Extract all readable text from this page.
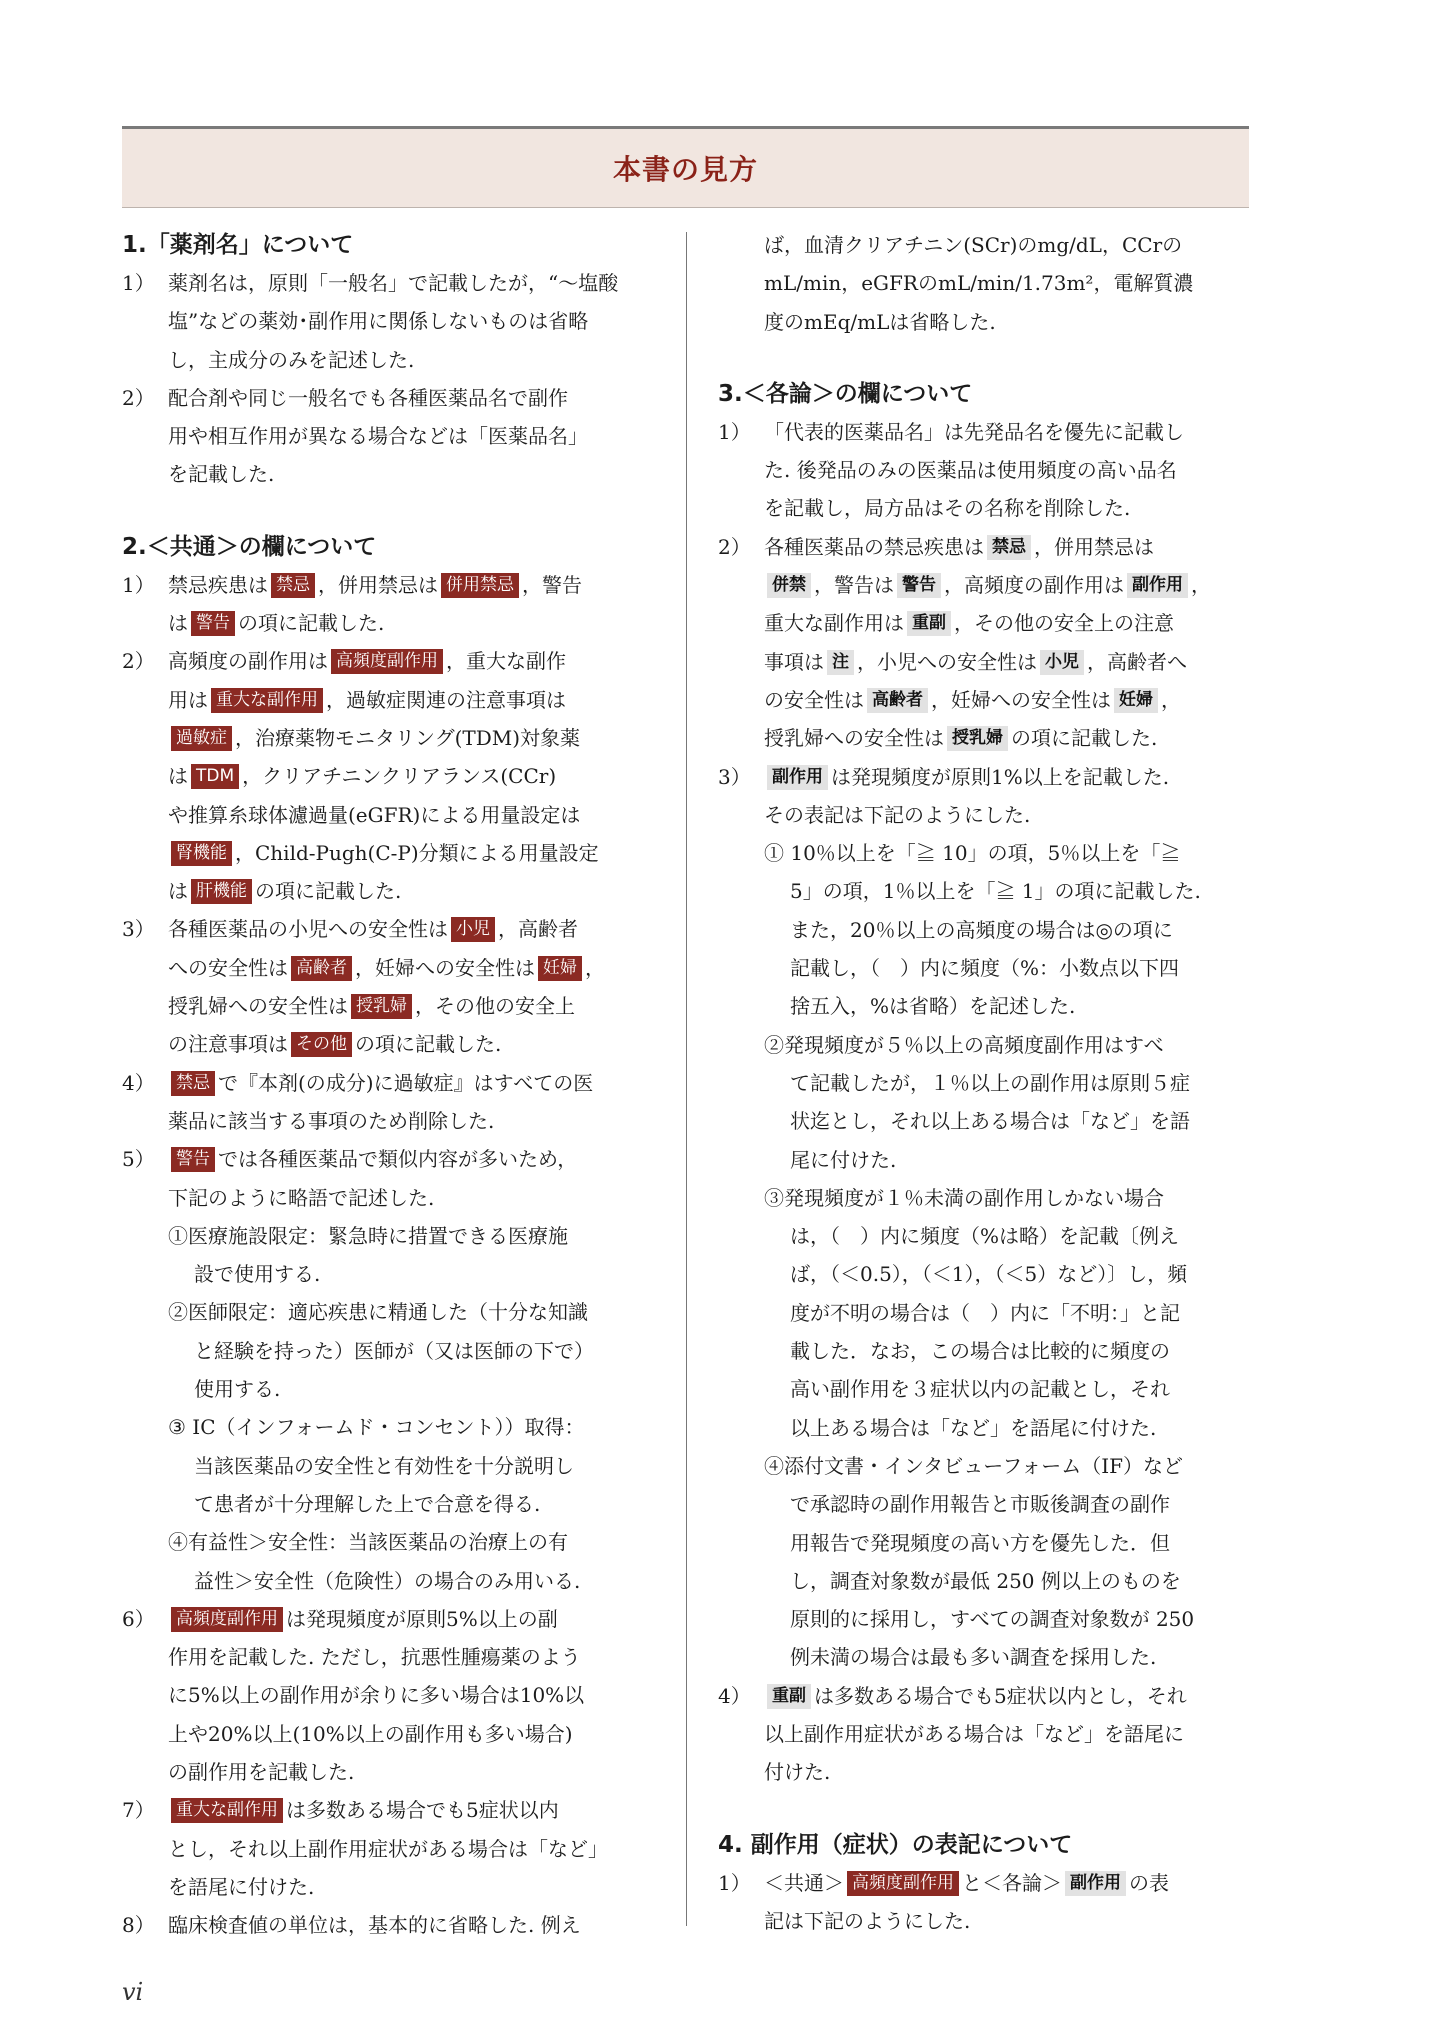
本書の見方
1.「薬剤名」について
1） 薬剤名は，原則「一般名」で記載したが，“〜塩酸
塩”などの薬効･副作用に関係しないものは省略
し，主成分のみを記述した.
2） 配合剤や同じ一般名でも各種医薬品名で副作
用や相互作用が異なる場合などは「医薬品名」
を記載した.
2.＜共通＞の欄について
1） 禁忌疾患は 禁忌 ，併用禁忌は 併用禁忌 ，警告
は 警告 の項に記載した.
2） 高頻度の副作用は 高頻度副作用 ，重大な副作
用は 重大な副作用 ，過敏症関連の注意事項は
過敏症 ，治療薬物モニタリング(TDM)対象薬
は TDM ，クリアチニンクリアランス(CCr)
や推算糸球体濾過量(eGFR)による用量設定は
腎機能 ，Child-Pugh(C-P)分類による用量設定
は 肝機能 の項に記載した.
3） 各種医薬品の小児への安全性は 小児 ，高齢者
への安全性は 高齢者 ，妊婦への安全性は 妊婦 ，
授乳婦への安全性は 授乳婦 ，その他の安全上
の注意事項は その他 の項に記載した.
4） 禁忌 で『本剤(の成分)に過敏症』はすべての医
薬品に該当する事項のため削除した.
5） 警告 では各種医薬品で類似内容が多いため，
下記のように略語で記述した.
①医療施設限定：緊急時に措置できる医療施
設で使用する.
②医師限定：適応疾患に精通した（十分な知識
と経験を持った）医師が（又は医師の下で）
使用する.
③ IC（インフォームド・コンセント））取得：
当該医薬品の安全性と有効性を十分説明し
て患者が十分理解した上で合意を得る.
④有益性＞安全性：当該医薬品の治療上の有
益性＞安全性（危険性）の場合のみ用いる.
6） 高頻度副作用 は発現頻度が原則5%以上の副
作用を記載した. ただし，抗悪性腫瘍薬のよう
に5%以上の副作用が余りに多い場合は10%以
上や20%以上(10%以上の副作用も多い場合)
の副作用を記載した.
7） 重大な副作用 は多数ある場合でも5症状以内
とし，それ以上副作用症状がある場合は「など」
を語尾に付けた.
8） 臨床検査値の単位は，基本的に省略した. 例え
ば，血清クリアチニン(SCr)のmg/dL，CCrの
mL/min，eGFRのmL/min/1.73m²，電解質濃
度のmEq/mLは省略した.
3.＜各論＞の欄について
1） 「代表的医薬品名」は先発品名を優先に記載し
た. 後発品のみの医薬品は使用頻度の高い品名
を記載し，局方品はその名称を削除した.
2） 各種医薬品の禁忌疾患は 禁忌 ，併用禁忌は
併禁 ，警告は 警告 ，高頻度の副作用は 副作用 ，
重大な副作用は 重副 ，その他の安全上の注意
事項は 注 ，小児への安全性は 小児 ，高齢者へ
の安全性は 高齢者 ，妊婦への安全性は 妊婦 ，
授乳婦への安全性は 授乳婦 の項に記載した.
3） 副作用 は発現頻度が原則1%以上を記載した.
その表記は下記のようにした.
① 10％以上を「≧ 10」の項，5％以上を「≧
5」の項，1％以上を「≧ 1」の項に記載した.
また，20％以上の高頻度の場合は◎の項に
記載し，（　）内に頻度（%：小数点以下四
捨五入，%は省略）を記述した.
②発現頻度が５％以上の高頻度副作用はすべ
て記載したが，１％以上の副作用は原則５症
状迄とし，それ以上ある場合は「など」を語
尾に付けた.
③発現頻度が１％未満の副作用しかない場合
は，（　）内に頻度（%は略）を記載〔例え
ば，（＜0.5），（＜1），（＜5）など）〕し，頻
度が不明の場合は（　）内に「不明：」と記
載した．なお，この場合は比較的に頻度の
高い副作用を３症状以内の記載とし，それ
以上ある場合は「など」を語尾に付けた.
④添付文書・インタビューフォーム（IF）など
で承認時の副作用報告と市販後調査の副作
用報告で発現頻度の高い方を優先した．但
し，調査対象数が最低 250 例以上のものを
原則的に採用し，すべての調査対象数が 250
例未満の場合は最も多い調査を採用した.
4） 重副 は多数ある場合でも5症状以内とし，それ
以上副作用症状がある場合は「など」を語尾に
付けた.
4. 副作用（症状）の表記について
1） ＜共通＞ 高頻度副作用 と＜各論＞ 副作用 の表
記は下記のようにした.
vi
